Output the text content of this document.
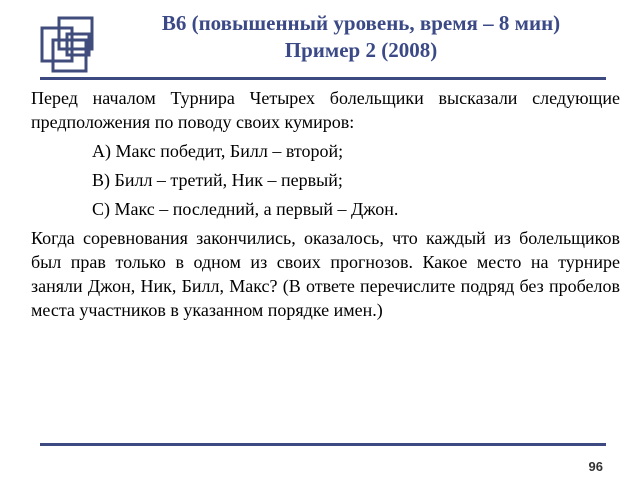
В6 (повышенный уровень, время – 8 мин)
Пример 2 (2008)

Перед началом Турнира Четырех болельщики высказали следующие предположения по поводу своих кумиров:

А) Макс победит, Билл – второй;
В) Билл – третий, Ник – первый;
С) Макс – последний, а первый – Джон.

Когда соревнования закончились, оказалось, что каждый из болельщиков был прав только в одном из своих прогнозов. Какое место на турнире заняли Джон, Ник, Билл, Макс? (В ответе перечислите подряд без пробелов места участников в указанном порядке имен.)

96
